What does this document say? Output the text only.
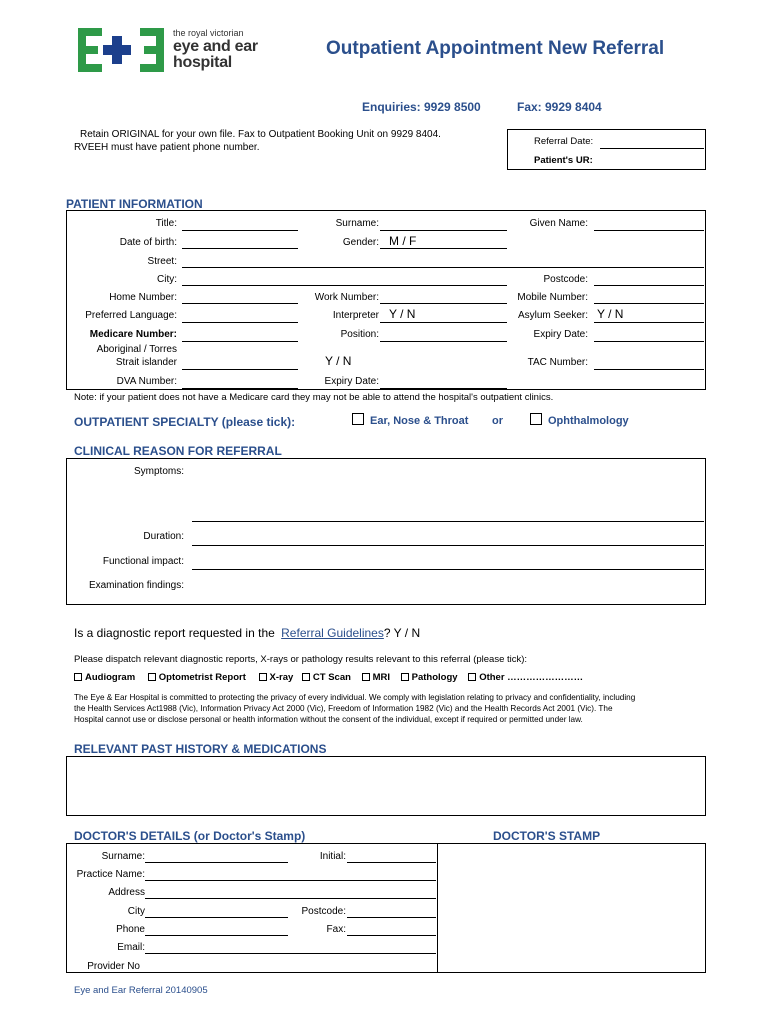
the royal victorian
eye and ear
hospital
Outpatient Appointment New Referral
Enquiries: 9929 8500	Fax: 9929 8404
Retain ORIGINAL for your own file. Fax to Outpatient Booking Unit on 9929 8404.
RVEEH must have patient phone number.
Referral Date:
Patient's UR:
PATIENT INFORMATION
Title:	Surname:	Given Name:
Date of birth:	Gender: M / F
Street:
City:	Postcode:
Home Number:	Work Number:	Mobile Number:
Preferred Language:	Interpreter Y / N	Asylum Seeker: Y / N
Medicare Number:	Position:	Expiry Date:
Aboriginal / Torres
Strait islander	Y / N	TAC Number:
DVA Number:	Expiry Date:
Note: if your patient does not have a Medicare card they may not be able to attend the hospital's outpatient clinics.
OUTPATIENT SPECIALTY (please tick):	Ear, Nose & Throat or	Ophthalmology
CLINICAL REASON FOR REFERRAL
Symptoms:
Duration:
Functional impact:
Examination findings:
Is a diagnostic report requested in the Referral Guidelines? Y / N
Please dispatch relevant diagnostic reports, X-rays or pathology results relevant to this referral (please tick):
Audiogram Optometrist Report X-ray CT Scan MRI Pathology Other ……………………
The Eye & Ear Hospital is committed to protecting the privacy of every individual. We comply with legislation relating to privacy and confidentiality, including
the Health Services Act1988 (Vic), Information Privacy Act 2000 (Vic), Freedom of Information 1982 (Vic) and the Health Records Act 2001 (Vic). The
Hospital cannot use or disclose personal or health information without the consent of the individual, except if required or permitted under law.
RELEVANT PAST HISTORY & MEDICATIONS
DOCTOR'S DETAILS (or Doctor's Stamp)	DOCTOR'S STAMP
Surname:	Initial:
Practice Name:
Address
City	Postcode:
Phone	Fax:
Email:
Provider No
Eye and Ear Referral 20140905
